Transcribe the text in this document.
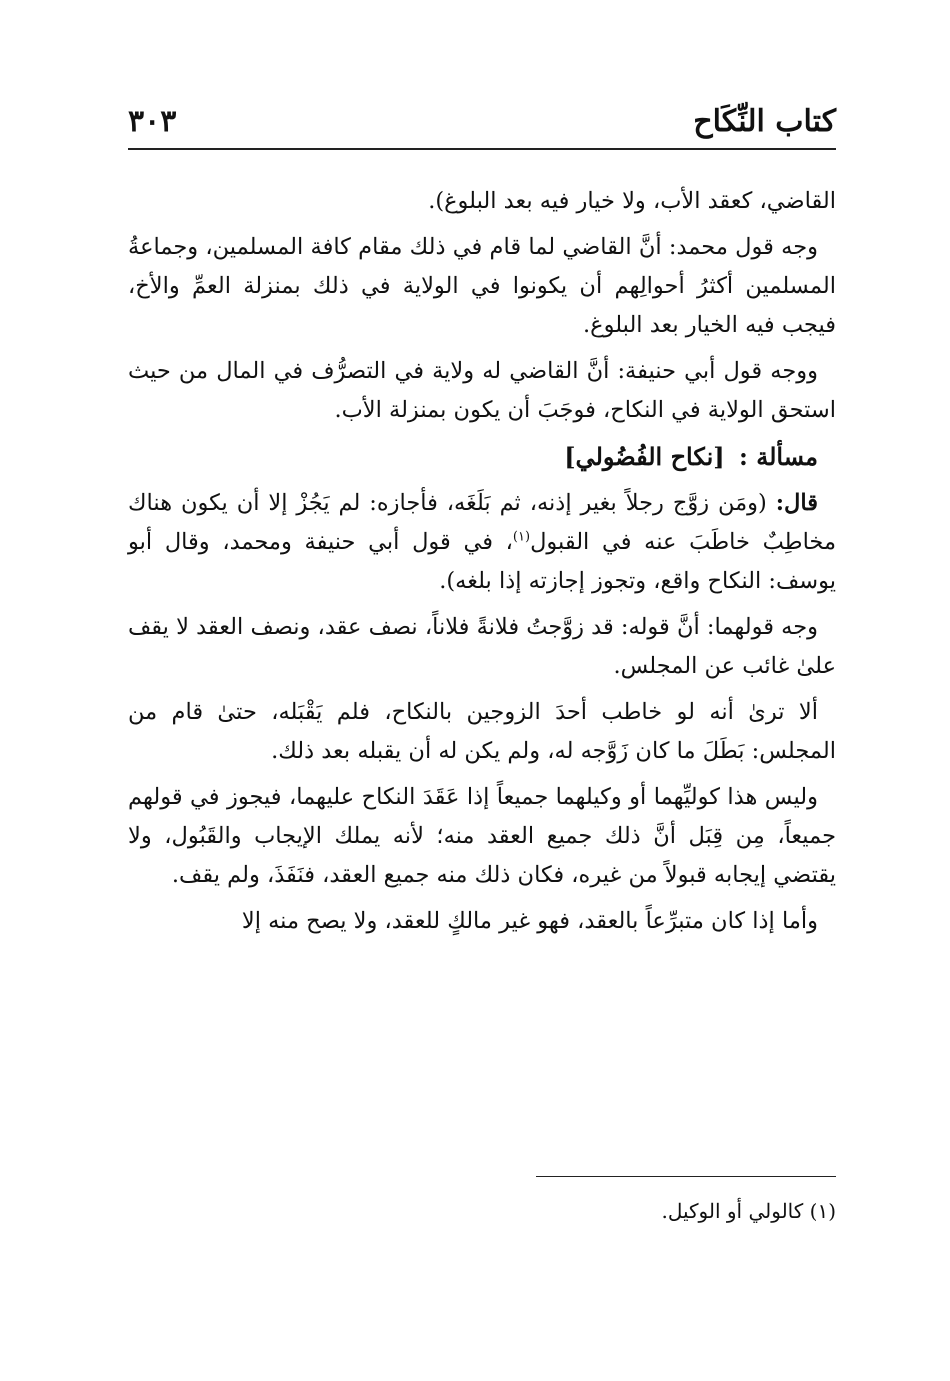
كتاب النِّكَاح
٣٠٣

القاضي، كعقد الأب، ولا خيار فيه بعد البلوغ).

وجه قول محمد: أنَّ القاضي لما قام في ذلك مقام كافة المسلمين، وجماعةُ المسلمين أكثرُ أحوالِهم أن يكونوا في الولاية في ذلك بمنزلة العمِّ والأخ، فيجب فيه الخيار بعد البلوغ.

ووجه قول أبي حنيفة: أنَّ القاضي له ولاية في التصرُّف في المال من حيث استحق الولاية في النكاح، فوجَبَ أن يكون بمنزلة الأب.

مسألة : [نكاح الفُضُولي]

قال: (ومَن زوَّج رجلاً بغير إذنه، ثم بَلَغَه، فأجازه: لم يَجُزْ إلا أن يكون هناك مخاطِبٌ خاطَبَ عنه في القبول$^{(١)}$، في قول أبي حنيفة ومحمد، وقال أبو يوسف: النكاح واقع، وتجوز إجازته إذا بلغه).

وجه قولهما: أنَّ قوله: قد زوَّجتُ فلانةً فلاناً، نصف عقد، ونصف العقد لا يقف علىٰ غائب عن المجلس.

ألا ترىٰ أنه لو خاطب أحدَ الزوجين بالنكاح، فلم يَقْبَله، حتىٰ قام من المجلس: بَطَلَ ما كان زَوَّجه له، ولم يكن له أن يقبله بعد ذلك.

وليس هذا كوليِّهما أو وكيلهما جميعاً إذا عَقَدَ النكاح عليهما، فيجوز في قولهم جميعاً، مِن قِبَل أنَّ ذلك جميع العقد منه؛ لأنه يملك الإيجاب والقَبُول، ولا يقتضي إيجابه قبولاً من غيره، فكان ذلك منه جميع العقد، فنَفَذَ، ولم يقف.

وأما إذا كان متبرِّعاً بالعقد، فهو غير مالكٍ للعقد، ولا يصح منه إلا

(١) كالولي أو الوكيل.
